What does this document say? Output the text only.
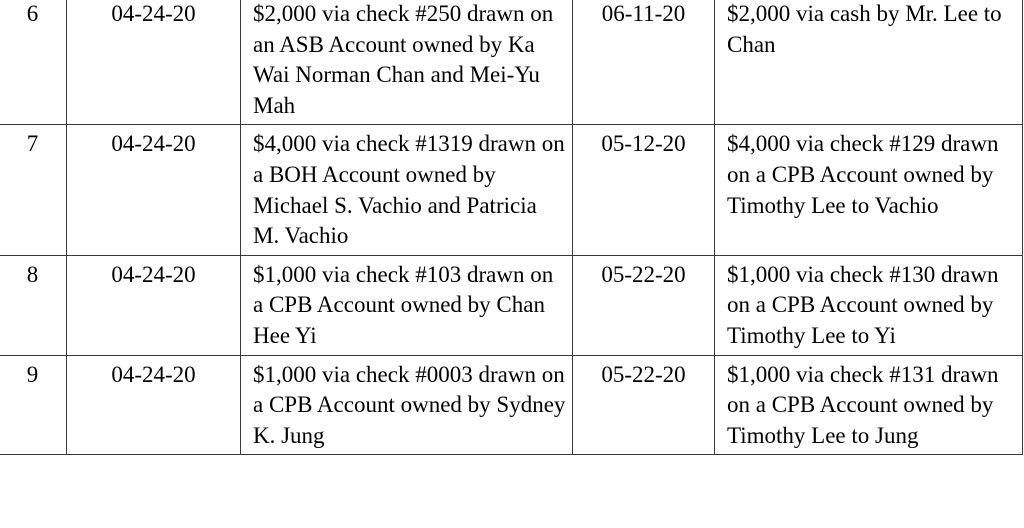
6	04-24-20	$2,000 via check #250 drawn on an ASB Account owned by Ka Wai Norman Chan and Mei-Yu Mah	06-11-20	$2,000 via cash by Mr. Lee to Chan
7	04-24-20	$4,000 via check #1319 drawn on a BOH Account owned by Michael S. Vachio and Patricia M. Vachio	05-12-20	$4,000 via check #129 drawn on a CPB Account owned by Timothy Lee to Vachio
8	04-24-20	$1,000 via check #103 drawn on a CPB Account owned by Chan Hee Yi	05-22-20	$1,000 via check #130 drawn on a CPB Account owned by Timothy Lee to Yi
9	04-24-20	$1,000 via check #0003 drawn on a CPB Account owned by Sydney K. Jung	05-22-20	$1,000 via check #131 drawn on a CPB Account owned by Timothy Lee to Jung
